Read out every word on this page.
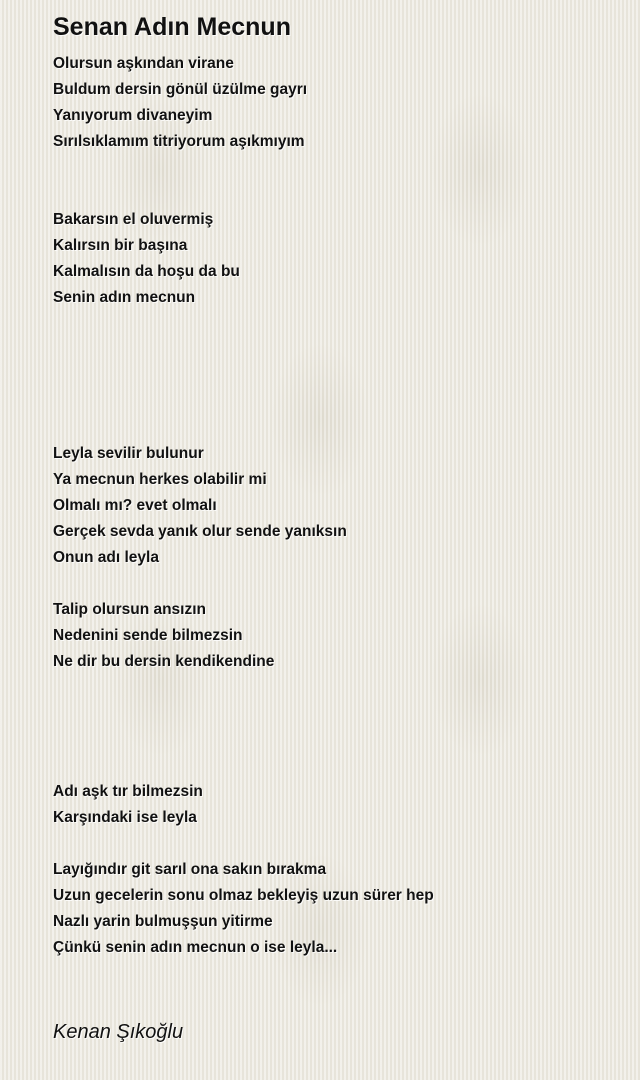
Senan Adın Mecnun
Olursun aşkından virane
Buldum dersin gönül üzülme gayrı
Yanıyorum divaneyim
Sırılsıklamım titriyorum aşıkmıyım
Bakarsın el oluvermiş
Kalırsın bir başına
Kalmalısın da hoşu da bu
Senin adın mecnun
Leyla sevilir bulunur
Ya mecnun herkes olabilir mi
Olmalı mı? evet olmalı
Gerçek sevda yanık olur sende yanıksın
Onun adı leyla
Talip olursun ansızın
Nedenini sende bilmezsin
Ne dir bu dersin kendikendine
Adı aşk tır bilmezsin
Karşındaki ise leyla
Layığındır git sarıl ona sakın bırakma
Uzun gecelerin sonu olmaz bekleyiş uzun sürer hep
Nazlı yarin bulmuşşun yitirme
Çünkü senin adın mecnun o ise leyla...

Kenan Şıkoğlu
